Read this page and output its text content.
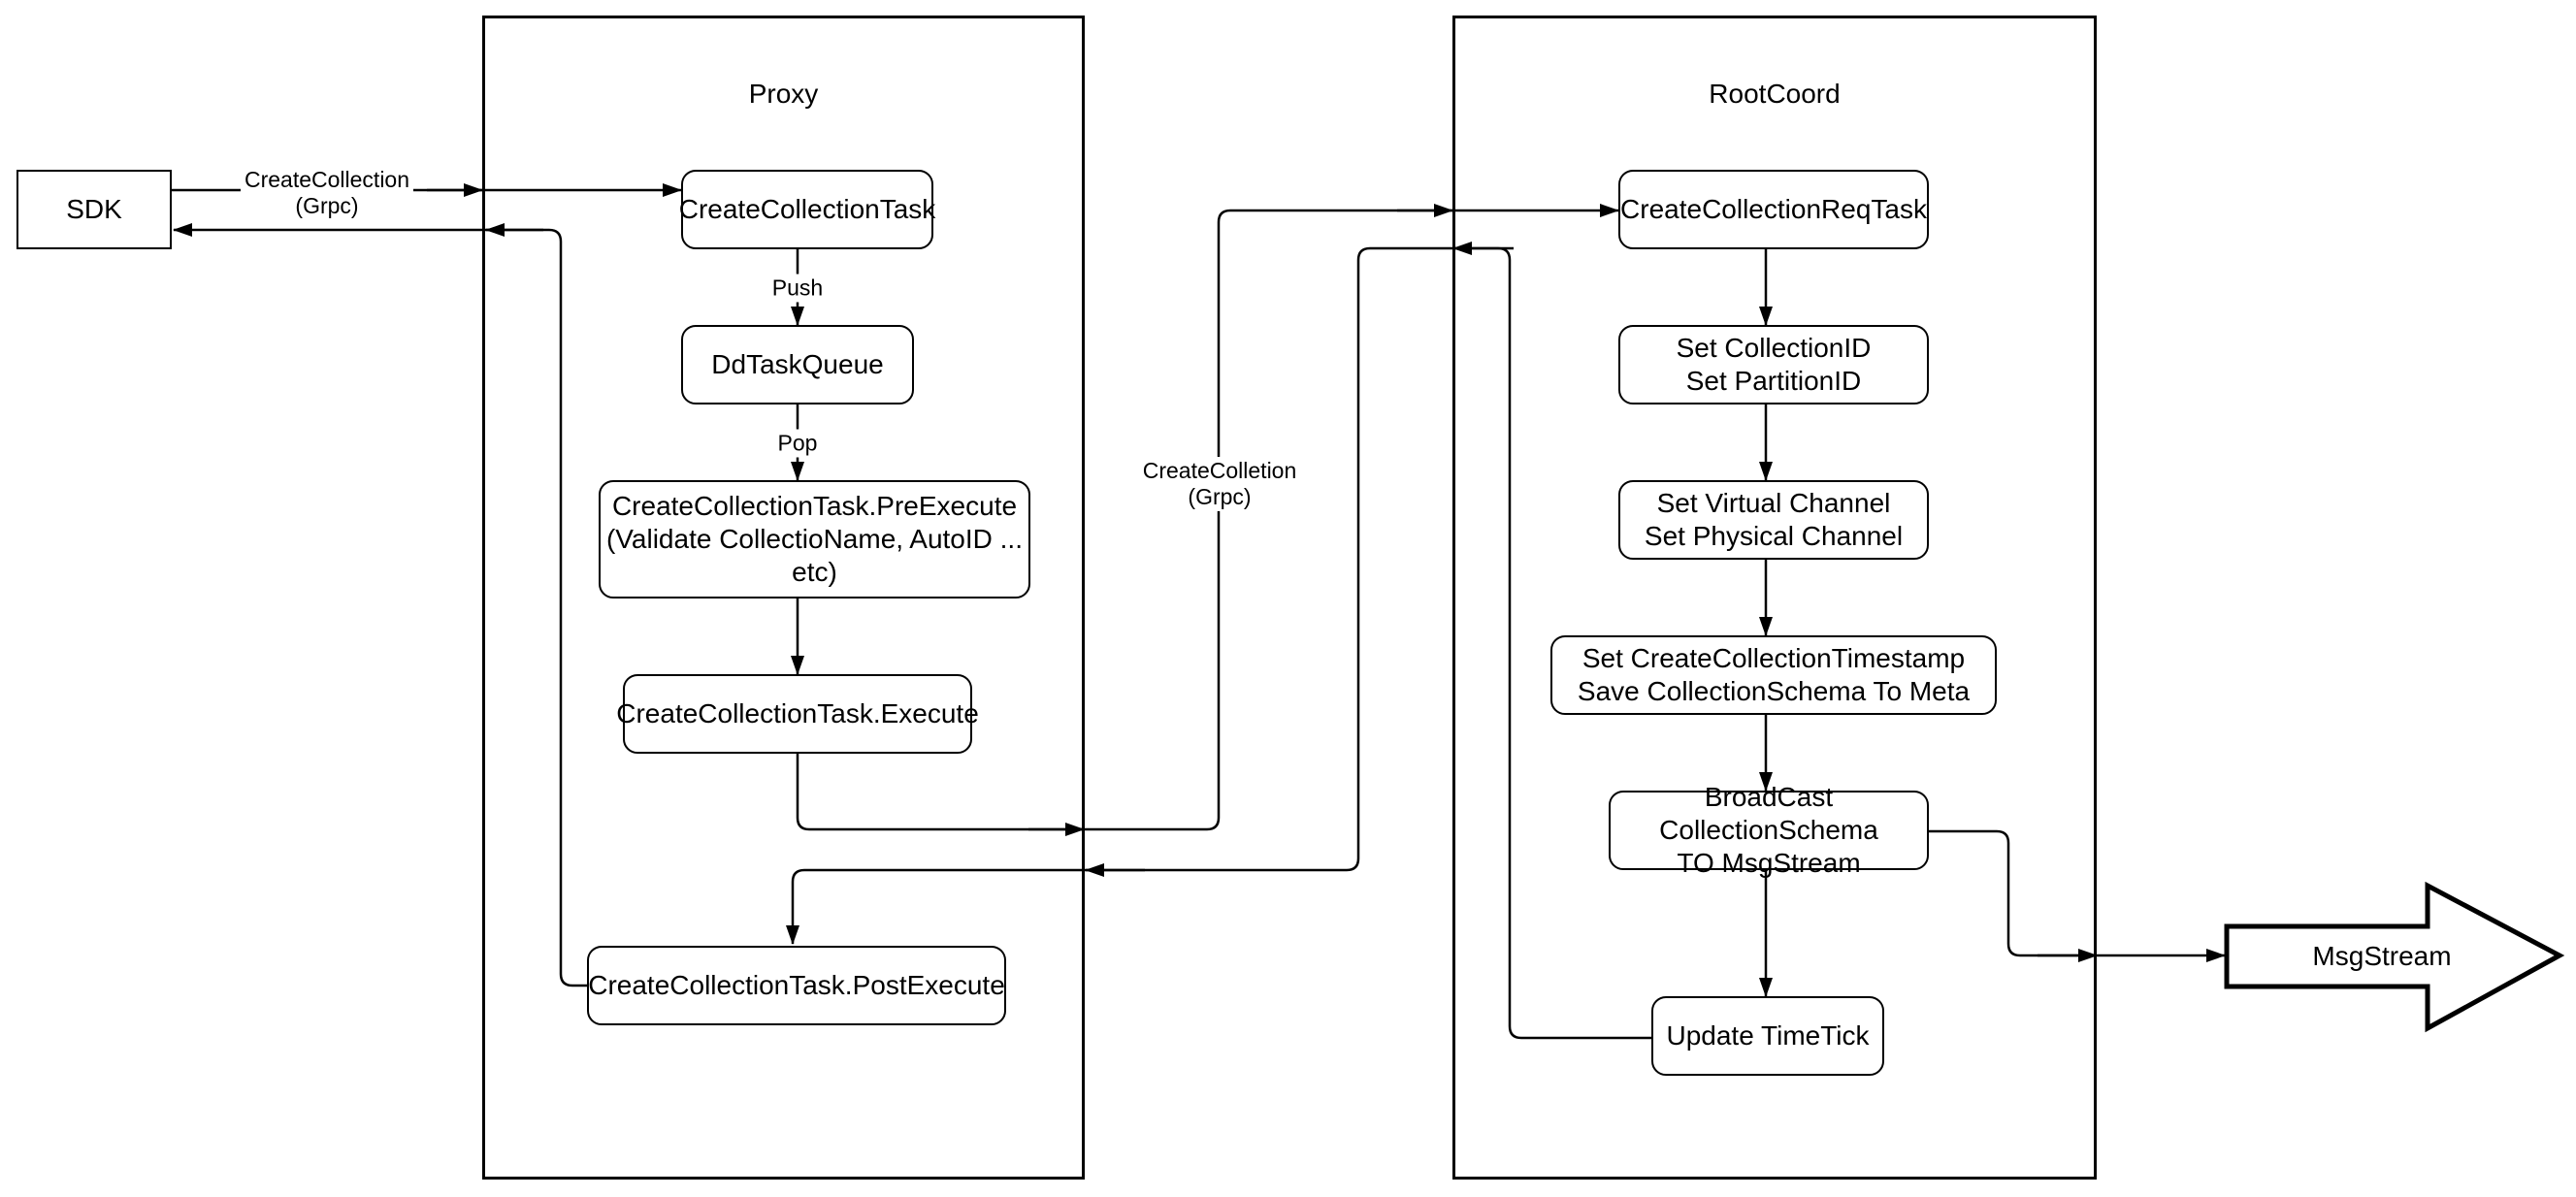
SDK
Proxy	RootCoord
CreateCollectionTask
DdTaskQueue
CreateCollectionTask.PreExecute
(Validate CollectioName, AutoID ... etc)
CreateCollectionTask.Execute
CreateCollectionTask.PostExecute
CreateCollectionReqTask
Set CollectionID
Set PartitionID
Set Virtual Channel
Set Physical Channel
Set CreateCollectionTimestamp
Save CollectionSchema To Meta
BroadCast CollectionSchema
TO MsgStream
Update TimeTick
CreateCollection
(Grpc)
Push
Pop
CreateColletion
(Grpc)
MsgStream
